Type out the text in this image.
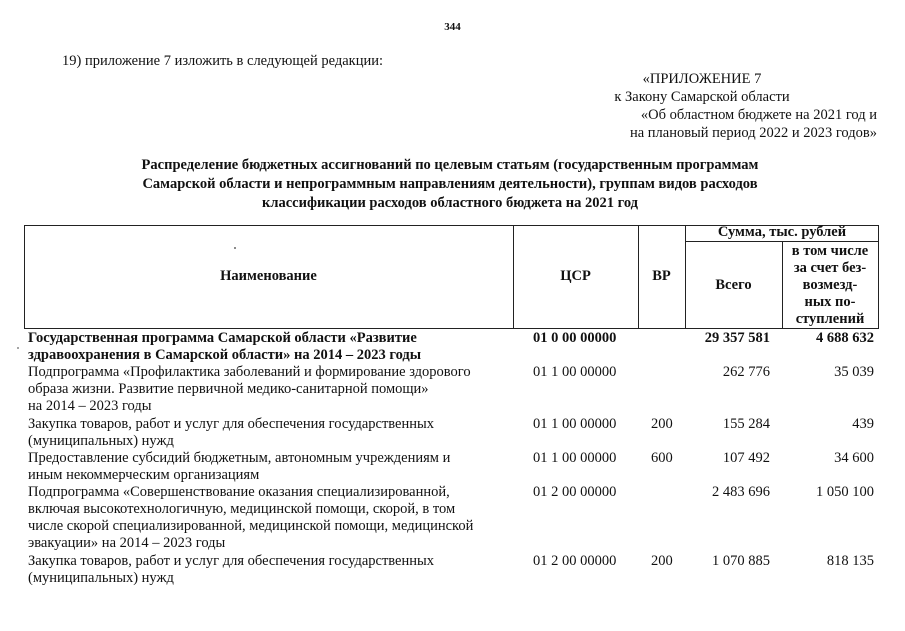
344
19) приложение 7 изложить в следующей редакции:
«ПРИЛОЖЕНИЕ 7
к Закону Самарской области
«Об областном бюджете на 2021 год и
на плановый период 2022 и 2023 годов»
Распределение бюджетных ассигнований по целевым статьям (государственным программам
Самарской области и непрограммным направлениям деятельности), группам видов расходов
классификации расходов областного бюджета на 2021 год
Наименование	ЦСР	ВР
Сумма, тыс. рублей
Всего
в том числе
за счет без-
возмезд-
ных по-
ступлений
Государственная программа Самарской области «Развитие
здравоохранения в Самарской области» на 2014 – 2023 годы
01 0 00 00000	29 357 581	4 688 632
Подпрограмма «Профилактика заболеваний и формирование здорового
образа жизни. Развитие первичной медико-санитарной помощи»
на 2014 – 2023 годы
01 1 00 00000	262 776	35 039
Закупка товаров, работ и услуг для обеспечения государственных
(муниципальных) нужд
01 1 00 00000 200	155 284	439
Предоставление субсидий бюджетным, автономным учреждениям и
иным некоммерческим организациям
01 1 00 00000 600	107 492	34 600
Подпрограмма «Совершенствование оказания специализированной,
включая высокотехнологичную, медицинской помощи, скорой, в том
числе скорой специализированной, медицинской помощи, медицинской
эвакуации» на 2014 – 2023 годы
01 2 00 00000	2 483 696	1 050 100
Закупка товаров, работ и услуг для обеспечения государственных
(муниципальных) нужд
01 2 00 00000 200	1 070 885	818 135
